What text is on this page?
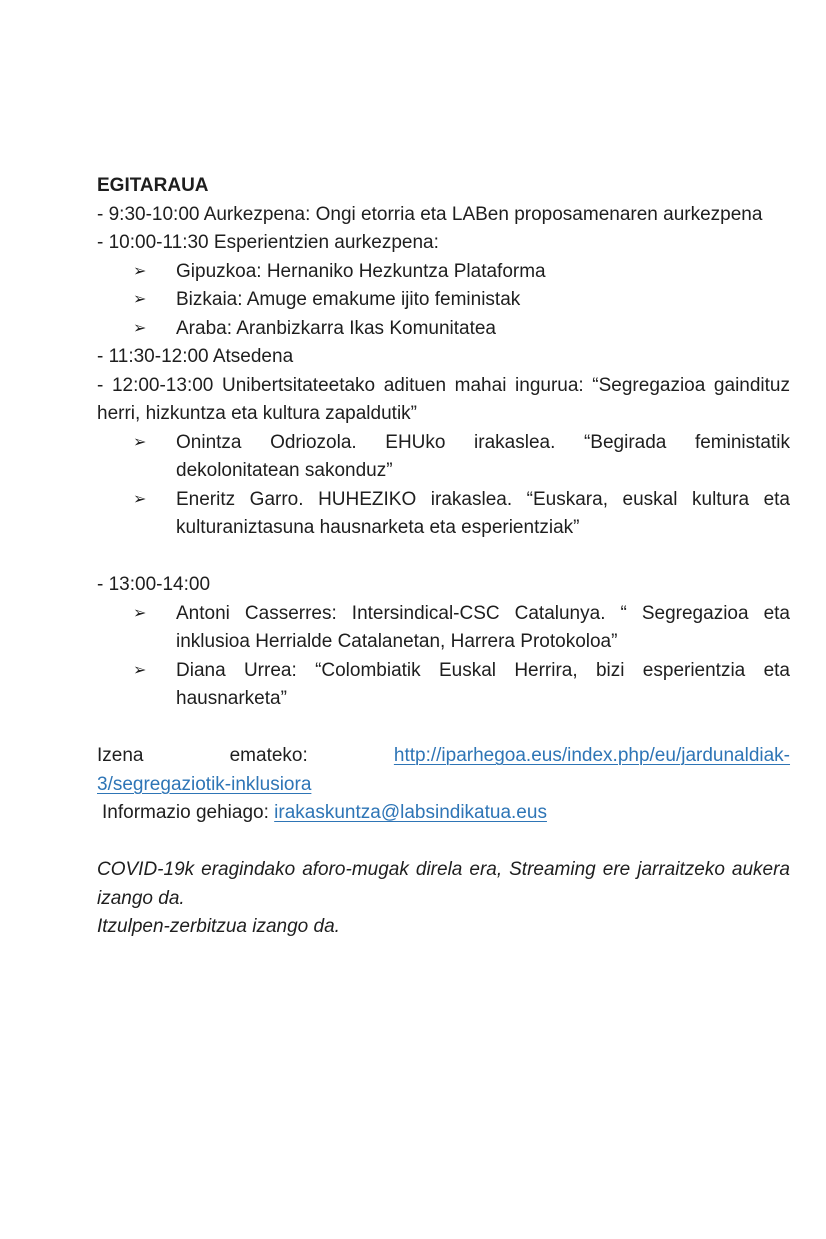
EGITARAUA

- 9:30-10:00 Aurkezpena: Ongi etorria eta LABen proposamenaren aurkezpena

- 10:00-11:30 Esperientzien aurkezpena:

➢	Gipuzkoa: Hernaniko Hezkuntza Plataforma
➢	Bizkaia: Amuge emakume ijito feministak
➢	Araba: Aranbizkarra Ikas Komunitatea

- 11:30-12:00 Atsedena

- 12:00-13:00 Unibertsitateetako adituen mahai ingurua: “Segregazioa gaindituz herri, hizkuntza eta kultura zapaldutik”

➢	Onintza Odriozola. EHUko irakaslea. “Begirada feministatik dekolonitatean sakonduz”
➢	Eneritz Garro. HUHEZIKO irakaslea. “Euskara, euskal kultura eta kulturaniztasuna hausnarketa eta esperientziak”

- 13:00-14:00

➢	Antoni Casserres: Intersindical-CSC Catalunya. “ Segregazioa eta inklusioa Herrialde Catalanetan, Harrera Protokoloa”
➢	Diana Urrea: “Colombiatik Euskal Herrira, bizi esperientzia eta hausnarketa”

Izena	emateko:	http://iparhegoa.eus/index.php/eu/jardunaldiak-
3/segregaziotik-inklusiora

Informazio gehiago: irakaskuntza@labsindikatua.eus

COVID-19k eragindako aforo-mugak direla era, Streaming ere jarraitzeko aukera izango da.

Itzulpen-zerbitzua izango da.
